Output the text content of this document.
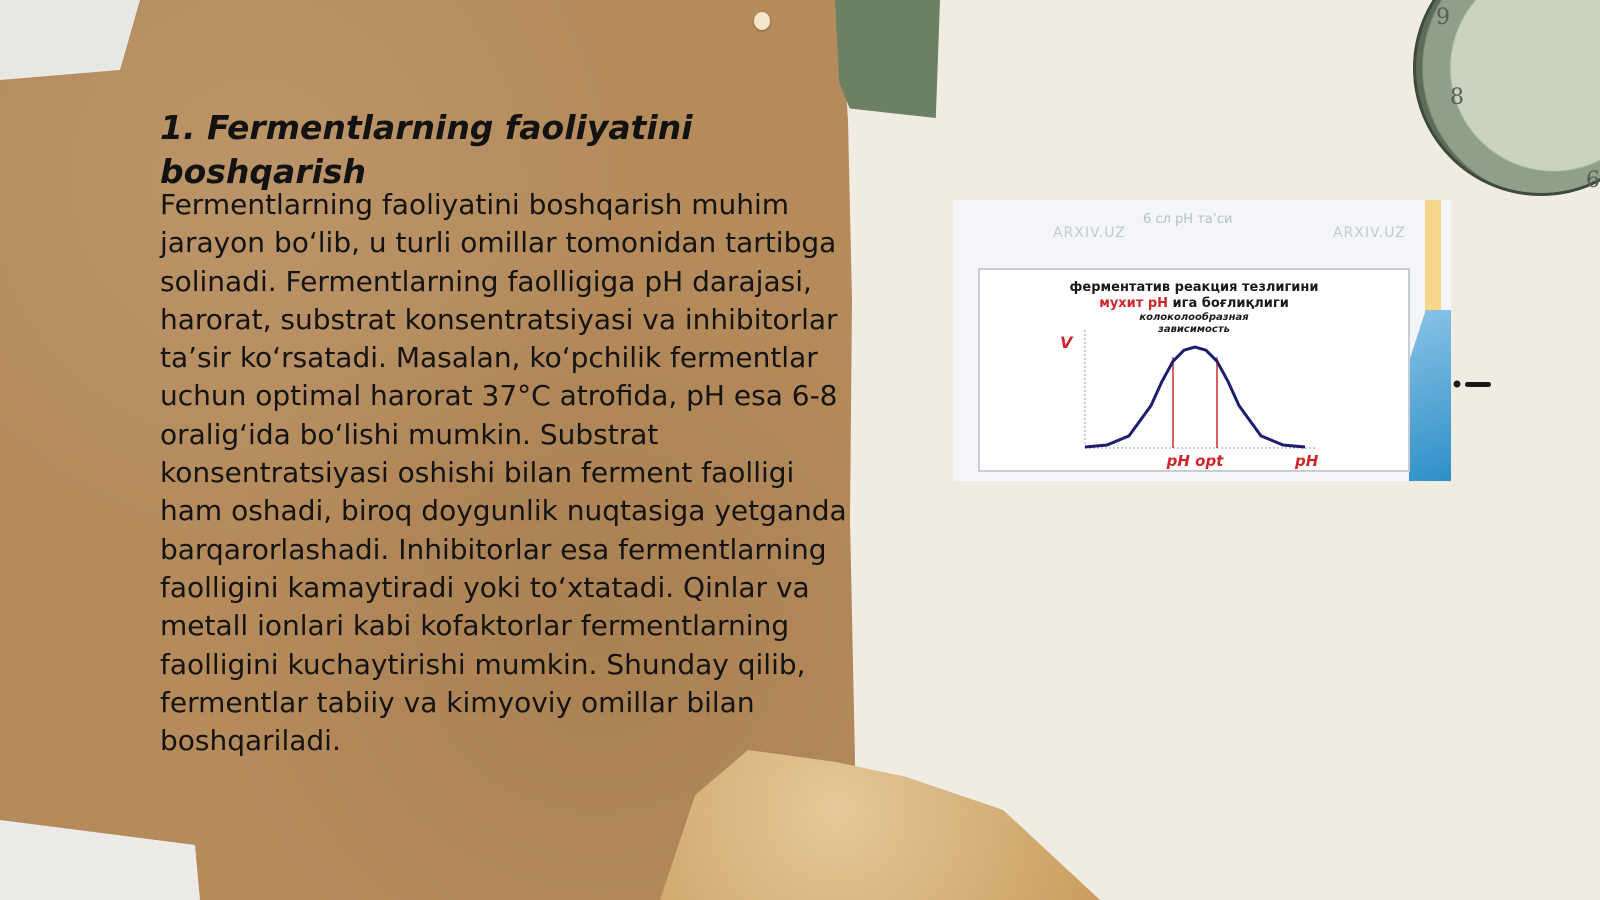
9
8
6
1. Fermentlarning faoliyatini boshqarish

Fermentlarning faoliyatini boshqarish muhim jarayon bo‘lib, u turli omillar tomonidan tartibga solinadi. Fermentlarning faolligiga pH darajasi, harorat, substrat konsentratsiyasi va inhibitorlar ta’sir ko‘rsatadi. Masalan, ko‘pchilik fermentlar uchun optimal harorat 37°C atrofida, pH esa 6-8 oralig‘ida bo‘lishi mumkin. Substrat konsentratsiyasi oshishi bilan ferment faolligi ham oshadi, biroq doygunlik nuqtasiga yetganda barqarorlashadi. Inhibitorlar esa fermentlarning faolligini kamaytiradi yoki to‘xtatadi. Qinlar va metall ionlari kabi kofaktorlar fermentlarning faolligini kuchaytirishi mumkin. Shunday qilib, fermentlar tabiiy va kimyoviy omillar bilan boshqariladi.

6 сл рН та‘си
ARXIV.UZ	ARXIV.UZ
ферментатив реакция тезлигини
мухит рН ига боғлиқлиги
колоколообразная
зависимость
V
pH
pH opt
